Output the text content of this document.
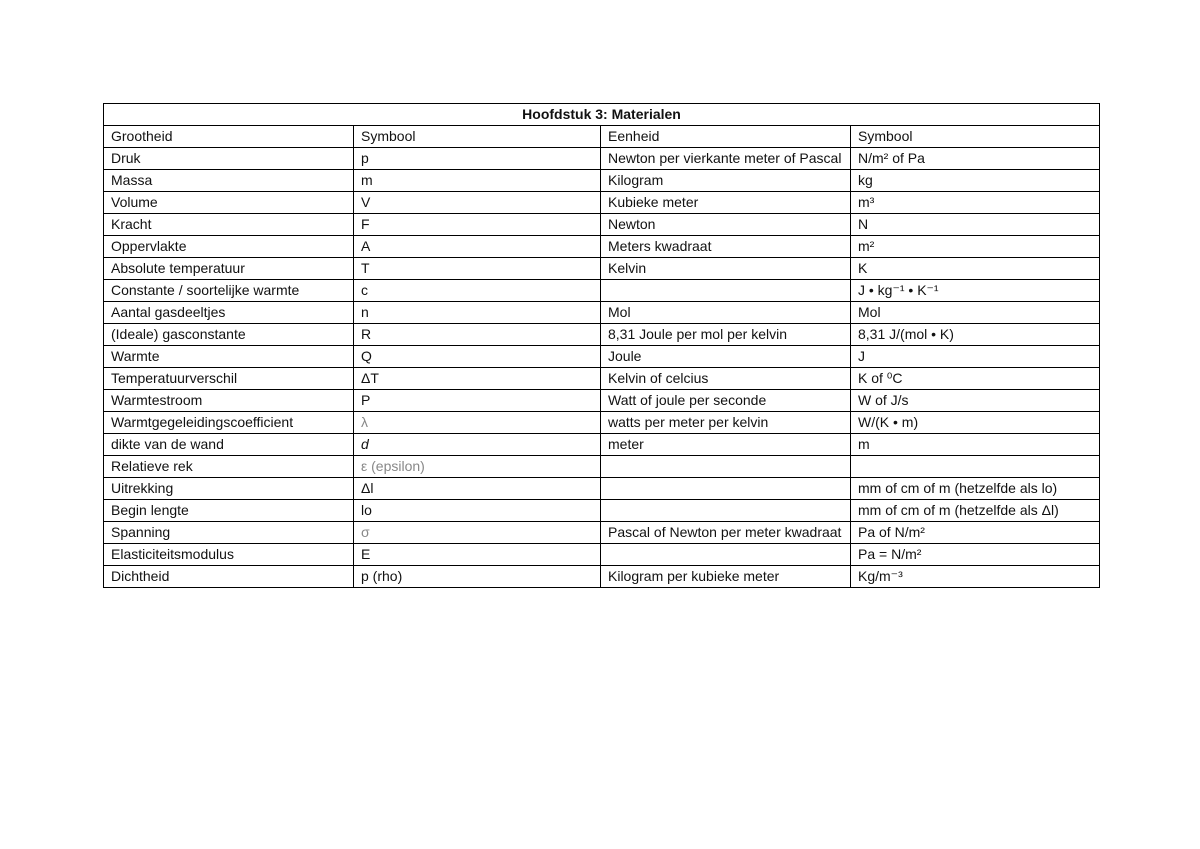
Hoofdstuk 3: Materialen			
Grootheid	Symbool	Eenheid	Symbool
Druk	p	Newton per vierkante meter of Pascal	N/m² of Pa
Massa	m	Kilogram	kg
Volume	V	Kubieke meter	m³
Kracht	F	Newton	N
Oppervlakte	A	Meters kwadraat	m²
Absolute temperatuur	T	Kelvin	K
Constante / soortelijke warmte	c		J • kg⁻¹ • K⁻¹
Aantal gasdeeltjes	n	Mol	Mol
(Ideale) gasconstante	R	8,31 Joule per mol per kelvin	8,31 J/(mol • K)
Warmte	Q	Joule	J
Temperatuurverschil	ΔT	Kelvin of celcius	K of ⁰C
Warmtestroom	P	Watt of joule per seconde	W of J/s
Warmtgegeleidingscoefficient	λ	watts per meter per kelvin	W/(K • m)
dikte van de wand	d	meter	m
Relatieve rek	ε (epsilon)		
Uitrekking	Δl		mm of cm of m (hetzelfde als lo)
Begin lengte	lo		mm of cm of m (hetzelfde als Δl)
Spanning	σ	Pascal of Newton per meter kwadraat	Pa of N/m²
Elasticiteitsmodulus	E		Pa = N/m²
Dichtheid	p (rho)	Kilogram per kubieke meter	Kg/m⁻³
